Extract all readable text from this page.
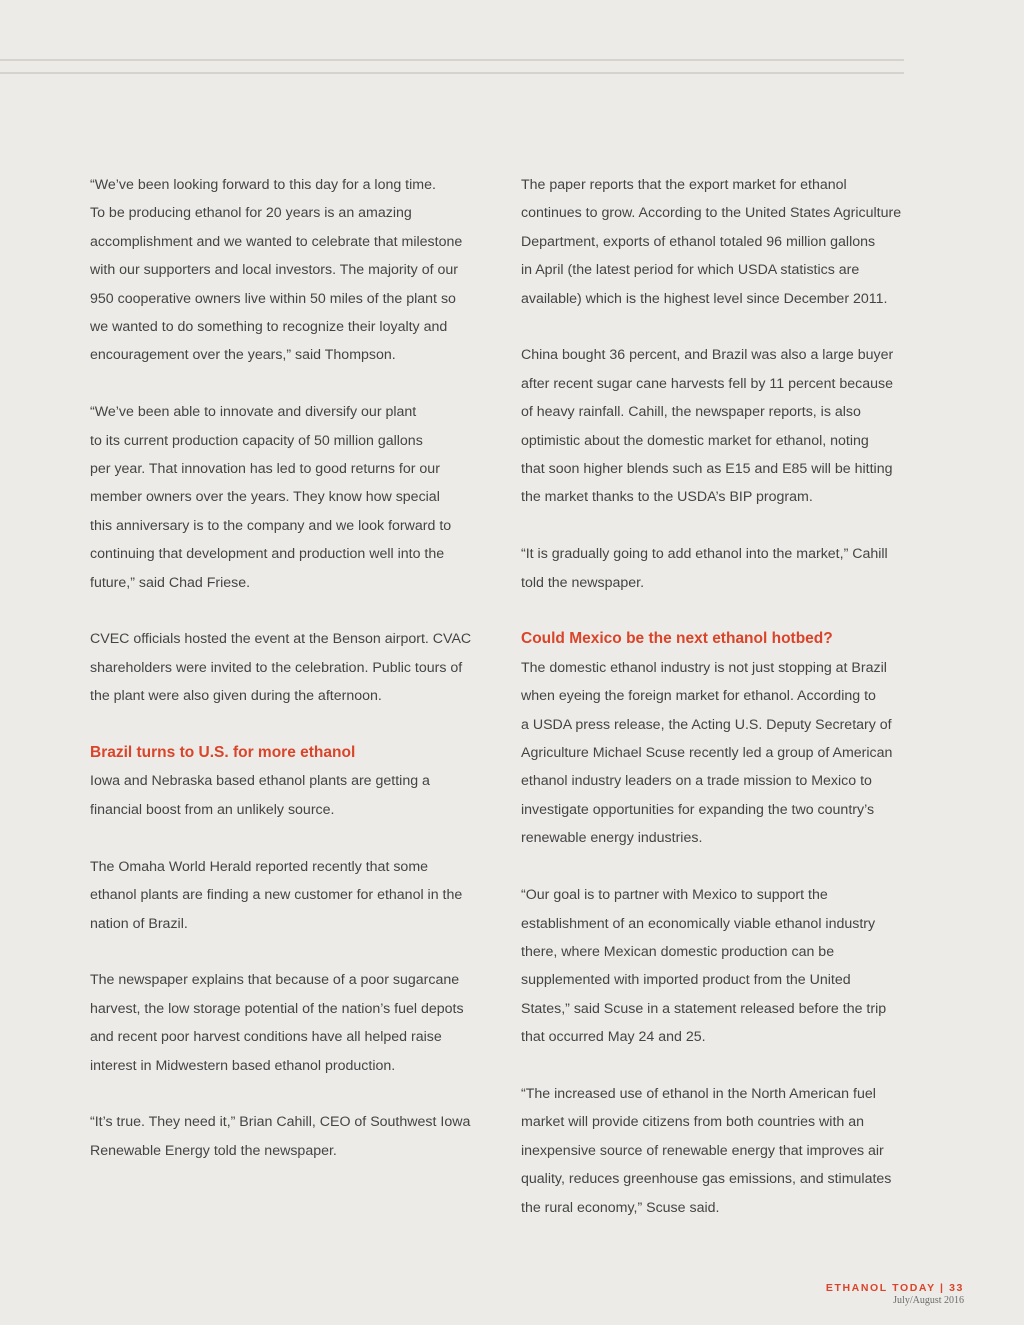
“We’ve been looking forward to this day for a long time.
To be producing ethanol for 20 years is an amazing
accomplishment and we wanted to celebrate that milestone
with our supporters and local investors. The majority of our
950 cooperative owners live within 50 miles of the plant so
we wanted to do something to recognize their loyalty and
encouragement over the years,” said Thompson.
“We’ve been able to innovate and diversify our plant
to its current production capacity of 50 million gallons
per year. That innovation has led to good returns for our
member owners over the years. They know how special
this anniversary is to the company and we look forward to
continuing that development and production well into the
future,” said Chad Friese.
CVEC officials hosted the event at the Benson airport. CVAC
shareholders were invited to the celebration. Public tours of
the plant were also given during the afternoon.
Brazil turns to U.S. for more ethanol
Iowa and Nebraska based ethanol plants are getting a
financial boost from an unlikely source.
The Omaha World Herald reported recently that some
ethanol plants are finding a new customer for ethanol in the
nation of Brazil.
The newspaper explains that because of a poor sugarcane
harvest, the low storage potential of the nation’s fuel depots
and recent poor harvest conditions have all helped raise
interest in Midwestern based ethanol production.
“It’s true. They need it,” Brian Cahill, CEO of Southwest Iowa
Renewable Energy told the newspaper.
The paper reports that the export market for ethanol
continues to grow. According to the United States Agriculture
Department, exports of ethanol totaled 96 million gallons
in April (the latest period for which USDA statistics are
available) which is the highest level since December 2011.
China bought 36 percent, and Brazil was also a large buyer
after recent sugar cane harvests fell by 11 percent because
of heavy rainfall. Cahill, the newspaper reports, is also
optimistic about the domestic market for ethanol, noting
that soon higher blends such as E15 and E85 will be hitting
the market thanks to the USDA’s BIP program.
“It is gradually going to add ethanol into the market,” Cahill
told the newspaper.
Could Mexico be the next ethanol hotbed?
The domestic ethanol industry is not just stopping at Brazil
when eyeing the foreign market for ethanol. According to
a USDA press release, the Acting U.S. Deputy Secretary of
Agriculture Michael Scuse recently led a group of American
ethanol industry leaders on a trade mission to Mexico to
investigate opportunities for expanding the two country’s
renewable energy industries.
“Our goal is to partner with Mexico to support the
establishment of an economically viable ethanol industry
there, where Mexican domestic production can be
supplemented with imported product from the United
States,” said Scuse in a statement released before the trip
that occurred May 24 and 25.
“The increased use of ethanol in the North American fuel
market will provide citizens from both countries with an
inexpensive source of renewable energy that improves air
quality, reduces greenhouse gas emissions, and stimulates
the rural economy,” Scuse said.
ETHANOL TODAY | 33
July/August 2016
